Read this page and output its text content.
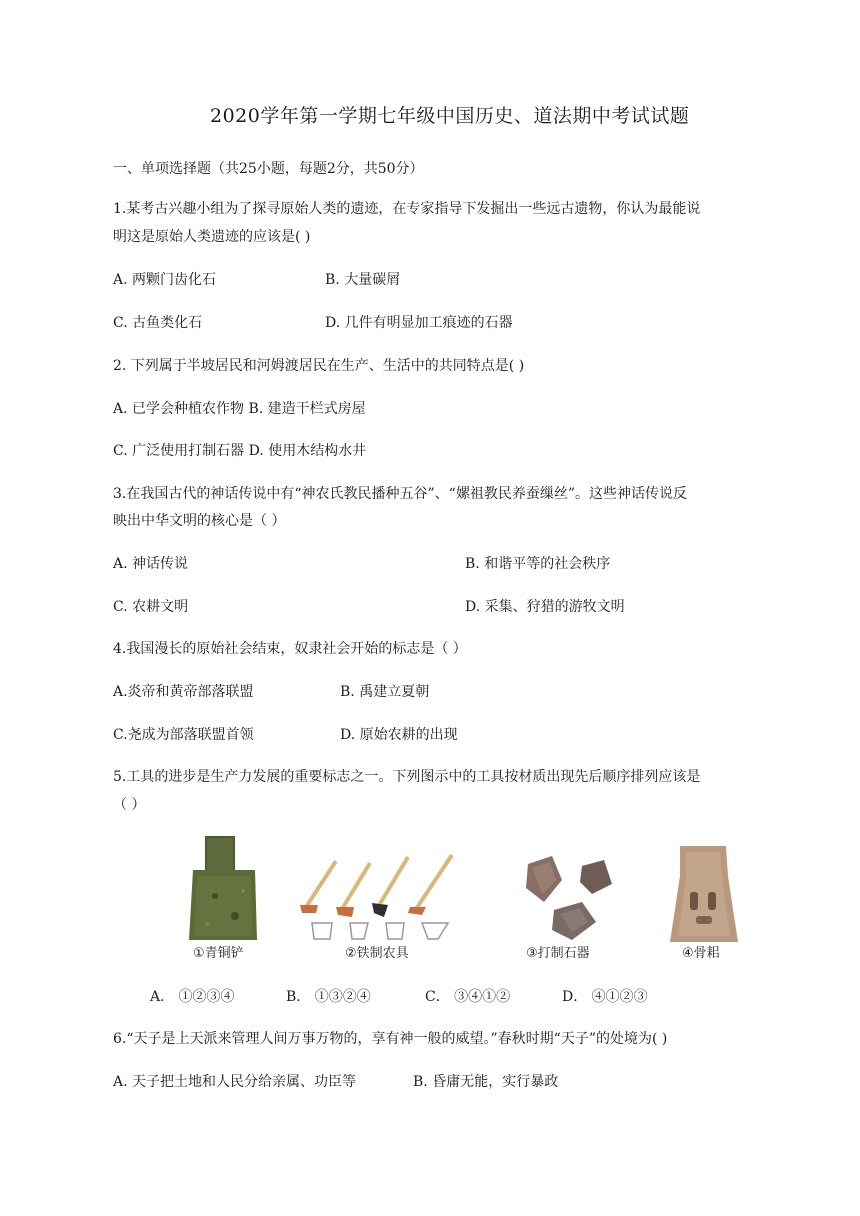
2020学年第一学期七年级中国历史、道法期中考试试题
一、单项选择题（共25小题，每题2分，共50分）
1.某考古兴趣小组为了探寻原始人类的遗迹，在专家指导下发掘出一些远古遗物，你认为最能说
明这是原始人类遗迹的应该是( )
A. 两颗门齿化石	B. 大量碳屑
C. 古鱼类化石	D. 几件有明显加工痕迹的石器
2. 下列属于半坡居民和河姆渡居民在生产、生活中的共同特点是( )
A. 已学会种植农作物 B. 建造干栏式房屋
C. 广泛使用打制石器 D. 使用木结构水井
3.在我国古代的神话传说中有“神农氏教民播种五谷”、“嫘祖教民养蚕缫丝”。这些神话传说反
映出中华文明的核心是（ ）
A. 神话传说	B. 和谐平等的社会秩序
C. 农耕文明	D. 采集、狩猎的游牧文明
4.我国漫长的原始社会结束，奴隶社会开始的标志是（ ）
A.炎帝和黄帝部落联盟	B. 禹建立夏朝
C.尧成为部落联盟首领	D. 原始农耕的出现
5.工具的进步是生产力发展的重要标志之一。下列图示中的工具按材质出现先后顺序排列应该是
（ ）
①青铜铲	②铁制农具	③打制石器	④骨耜
A． ①②③④	B． ①③②④	C． ③④①②	D． ④①②③
6.“天子是上天派来管理人间万事万物的，享有神一般的威望。”春秋时期“天子”的处境为( )
A. 天子把土地和人民分给亲属、功臣等	B. 昏庸无能，实行暴政
